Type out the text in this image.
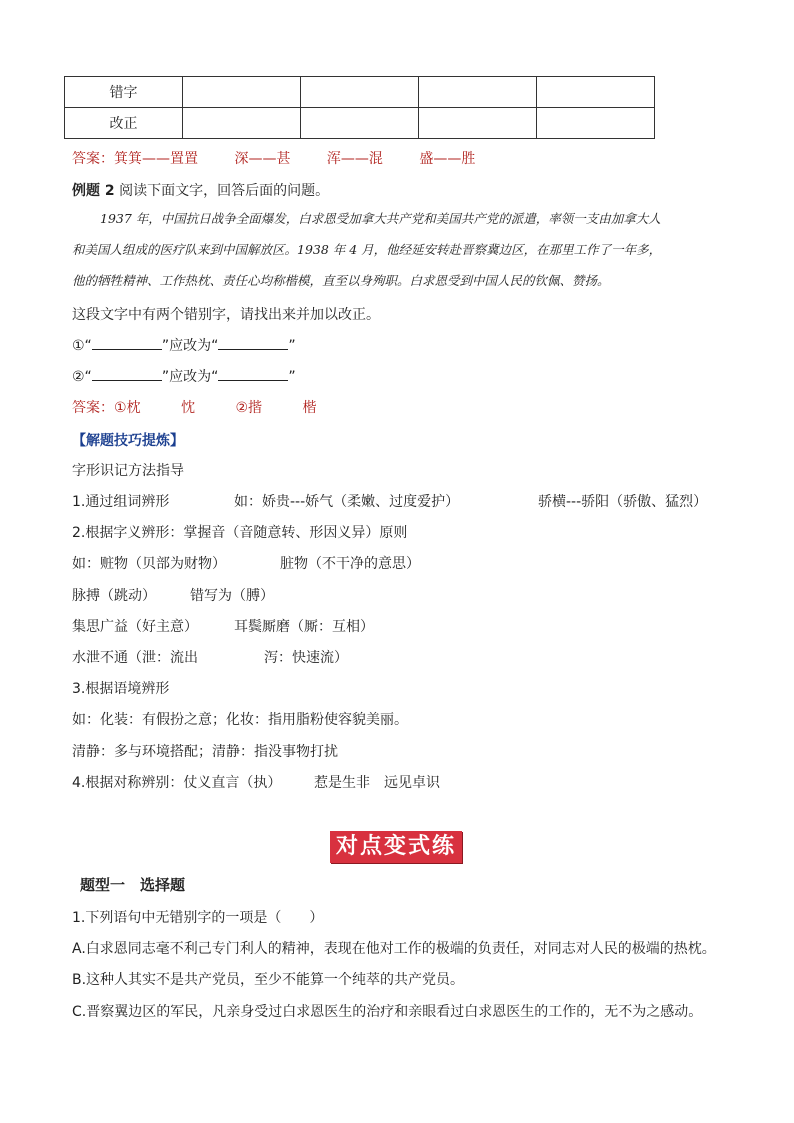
错字				
改正				
答案：箕箕——置置	深——甚	浑——混	盛——胜
例题 2 阅读下面文字，回答后面的问题。
1937 年，中国抗日战争全面爆发，白求恩受加拿大共产党和美国共产党的派遣，率领一支由加拿大人
和美国人组成的医疗队来到中国解放区。1938 年 4 月，他经延安转赴晋察冀边区，在那里工作了一年多，
他的牺牲精神、工作热枕、责任心均称楷模，直至以身殉职。白求恩受到中国人民的钦佩、赞扬。
这段文字中有两个错别字，请找出来并加以改正。
①“	”应改为“	”
②“	”应改为“	”
答案：①枕	忱	②揩	楷
【解题技巧提炼】
字形识记方法指导
1.通过组词辨形	如：娇贵---娇气（柔嫩、过度爱护）	骄横---骄阳（骄傲、猛烈）
2.根据字义辨形：掌握音（音随意转、形因义异）原则
如：赃物（贝部为财物）	脏物（不干净的意思）
脉搏（跳动） 错写为（膊）
集思广益（好主意）	耳鬓厮磨（厮：互相）
水泄不通（泄：流出	泻：快速流）
3.根据语境辨形
如：化装：有假扮之意；化妆：指用脂粉使容貌美丽。
清静：多与环境搭配；清静：指没事物打扰
4.根据对称辨别：仗义直言（执） 惹是生非 远见卓识
对点变式练
题型一　选择题
1.下列语句中无错别字的一项是（　　）
A.白求恩同志毫不利己专门利人的精神，表现在他对工作的极端的负责任，对同志对人民的极端的热枕。
B.这种人其实不是共产党员，至少不能算一个纯萃的共产党员。
C.晋察翼边区的军民，凡亲身受过白求恩医生的治疗和亲眼看过白求恩医生的工作的，无不为之感动。
